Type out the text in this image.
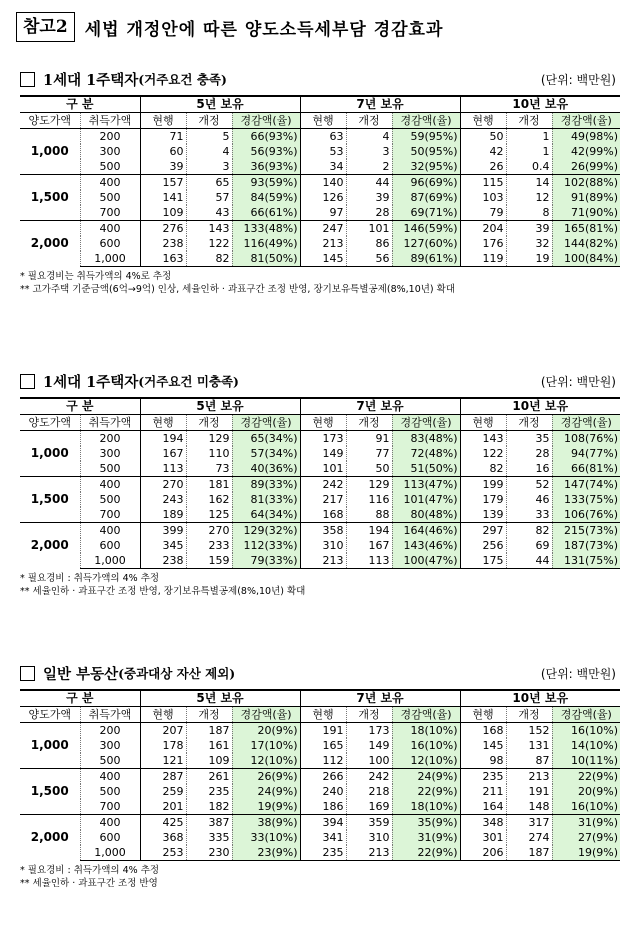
참고2	세법 개정안에 따른 양도소득세부담 경감효과
1세대 1주택자 (거주요건 충족)	(단위: 백만원)
구 분		5년 보유			7년 보유			10년 보유		
양도가액	취득가액	현행	개정	경감액(율)	현행	개정	경감액(율)	현행	개정	경감액(율)
1,000	200	71	5	66(93%)	63	4	59(95%)	50	1	49(98%)
	300	60	4	56(93%)	53	3	50(95%)	42	1	42(99%)
	500	39	3	36(93%)	34	2	32(95%)	26	0.4	26(99%)
1,500	400	157	65	93(59%)	140	44	96(69%)	115	14	102(88%)
	500	141	57	84(59%)	126	39	87(69%)	103	12	91(89%)
	700	109	43	66(61%)	97	28	69(71%)	79	8	71(90%)
2,000	400	276	143	133(48%)	247	101	146(59%)	204	39	165(81%)
	600	238	122	116(49%)	213	86	127(60%)	176	32	144(82%)
	1,000	163	82	81(50%)	145	56	89(61%)	119	19	100(84%)
* 필요경비는 취득가액의 4%로 추정
** 고가주택 기준금액(6억→9억) 인상, 세율인하 · 과표구간 조정 반영, 장기보유특별공제(8%,10년) 확대
1세대 1주택자 (거주요건 미충족)	(단위: 백만원)
구 분		5년 보유			7년 보유			10년 보유		
양도가액	취득가액	현행	개정	경감액(율)	현행	개정	경감액(율)	현행	개정	경감액(율)
1,000	200	194	129	65(34%)	173	91	83(48%)	143	35	108(76%)
	300	167	110	57(34%)	149	77	72(48%)	122	28	94(77%)
	500	113	73	40(36%)	101	50	51(50%)	82	16	66(81%)
1,500	400	270	181	89(33%)	242	129	113(47%)	199	52	147(74%)
	500	243	162	81(33%)	217	116	101(47%)	179	46	133(75%)
	700	189	125	64(34%)	168	88	80(48%)	139	33	106(76%)
2,000	400	399	270	129(32%)	358	194	164(46%)	297	82	215(73%)
	600	345	233	112(33%)	310	167	143(46%)	256	69	187(73%)
	1,000	238	159	79(33%)	213	113	100(47%)	175	44	131(75%)
* 필요경비 : 취득가액의 4% 추정
** 세율인하 · 과표구간 조정 반영, 장기보유특별공제(8%,10년) 확대
일반 부동산 (중과대상 자산 제외)	(단위: 백만원)
구 분		5년 보유			7년 보유			10년 보유		
양도가액	취득가액	현행	개정	경감액(율)	현행	개정	경감액(율)	현행	개정	경감액(율)
1,000	200	207	187	20(9%)	191	173	18(10%)	168	152	16(10%)
	300	178	161	17(10%)	165	149	16(10%)	145	131	14(10%)
	500	121	109	12(10%)	112	100	12(10%)	98	87	10(11%)
1,500	400	287	261	26(9%)	266	242	24(9%)	235	213	22(9%)
	500	259	235	24(9%)	240	218	22(9%)	211	191	20(9%)
	700	201	182	19(9%)	186	169	18(10%)	164	148	16(10%)
2,000	400	425	387	38(9%)	394	359	35(9%)	348	317	31(9%)
	600	368	335	33(10%)	341	310	31(9%)	301	274	27(9%)
	1,000	253	230	23(9%)	235	213	22(9%)	206	187	19(9%)
* 필요경비 : 취득가액의 4% 추정
** 세율인하 · 과표구간 조정 반영
